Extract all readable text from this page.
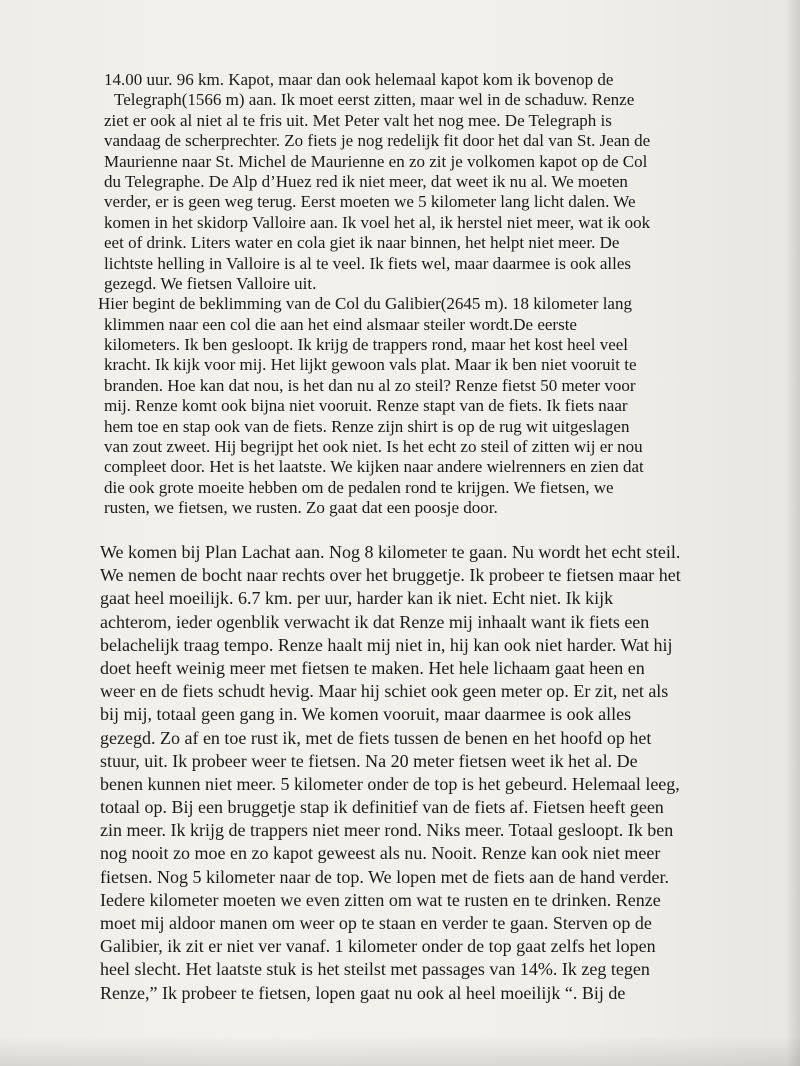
14.00 uur. 96 km. Kapot, maar dan ook helemaal kapot kom ik bovenop de
Telegraph(1566 m) aan. Ik moet eerst zitten, maar wel in de schaduw. Renze
ziet er ook al niet al te fris uit. Met Peter valt het nog mee. De Telegraph is
vandaag de scherprechter. Zo fiets je nog redelijk fit door het dal van St. Jean de
Maurienne naar St. Michel de Maurienne en zo zit je volkomen kapot op de Col
du Telegraphe. De Alp d’Huez red ik niet meer, dat weet ik nu al. We moeten
verder, er is geen weg terug. Eerst moeten we 5 kilometer lang licht dalen. We
komen in het skidorp Valloire aan. Ik voel het al, ik herstel niet meer, wat ik ook
eet of drink. Liters water en cola giet ik naar binnen, het helpt niet meer. De
lichtste helling in Valloire is al te veel. Ik fiets wel, maar daarmee is ook alles
gezegd. We fietsen Valloire uit.
Hier begint de beklimming van de Col du Galibier(2645 m). 18 kilometer lang
klimmen naar een col die aan het eind alsmaar steiler wordt.De eerste
kilometers. Ik ben gesloopt. Ik krijg de trappers rond, maar het kost heel veel
kracht. Ik kijk voor mij. Het lijkt gewoon vals plat. Maar ik ben niet vooruit te
branden. Hoe kan dat nou, is het dan nu al zo steil? Renze fietst 50 meter voor
mij. Renze komt ook bijna niet vooruit. Renze stapt van de fiets. Ik fiets naar
hem toe en stap ook van de fiets. Renze zijn shirt is op de rug wit uitgeslagen
van zout zweet. Hij begrijpt het ook niet. Is het echt zo steil of zitten wij er nou
compleet door. Het is het laatste. We kijken naar andere wielrenners en zien dat
die ook grote moeite hebben om de pedalen rond te krijgen. We fietsen, we
rusten, we fietsen, we rusten. Zo gaat dat een poosje door.
We komen bij Plan Lachat aan. Nog 8 kilometer te gaan. Nu wordt het echt steil.
We nemen de bocht naar rechts over het bruggetje. Ik probeer te fietsen maar het
gaat heel moeilijk. 6.7 km. per uur, harder kan ik niet. Echt niet. Ik kijk
achterom, ieder ogenblik verwacht ik dat Renze mij inhaalt want ik fiets een
belachelijk traag tempo. Renze haalt mij niet in, hij kan ook niet harder. Wat hij
doet heeft weinig meer met fietsen te maken. Het hele lichaam gaat heen en
weer en de fiets schudt hevig. Maar hij schiet ook geen meter op. Er zit, net als
bij mij, totaal geen gang in. We komen vooruit, maar daarmee is ook alles
gezegd. Zo af en toe rust ik, met de fiets tussen de benen en het hoofd op het
stuur, uit. Ik probeer weer te fietsen. Na 20 meter fietsen weet ik het al. De
benen kunnen niet meer. 5 kilometer onder de top is het gebeurd. Helemaal leeg,
totaal op. Bij een bruggetje stap ik definitief van de fiets af. Fietsen heeft geen
zin meer. Ik krijg de trappers niet meer rond. Niks meer. Totaal gesloopt. Ik ben
nog nooit zo moe en zo kapot geweest als nu. Nooit. Renze kan ook niet meer
fietsen. Nog 5 kilometer naar de top. We lopen met de fiets aan de hand verder.
Iedere kilometer moeten we even zitten om wat te rusten en te drinken. Renze
moet mij aldoor manen om weer op te staan en verder te gaan. Sterven op de
Galibier, ik zit er niet ver vanaf. 1 kilometer onder de top gaat zelfs het lopen
heel slecht. Het laatste stuk is het steilst met passages van 14%. Ik zeg tegen
Renze,” Ik probeer te fietsen, lopen gaat nu ook al heel moeilijk “. Bij de
